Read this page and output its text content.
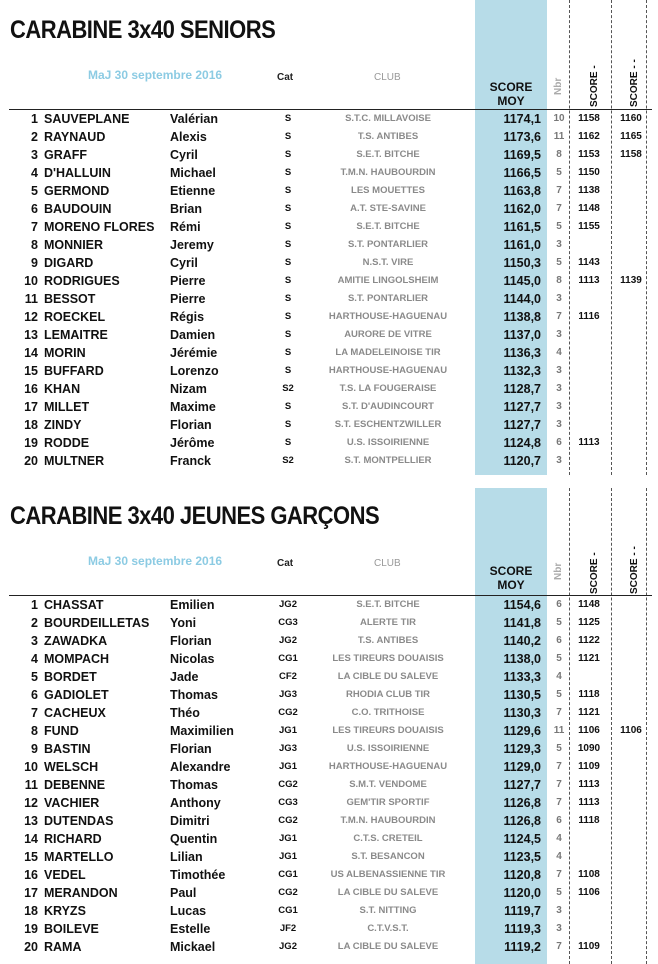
CARABINE 3x40 SENIORS
MaJ 30 septembre 2016	Cat	CLUB
SCORE MOY
Nbr	SCORE -	SCORE - -
1 SAUVEPLANE	Valérian	S	S.T.C. MILLAVOISE	1174,1 10	1158	1160
2 RAYNAUD	Alexis	S	T.S. ANTIBES	1173,6 11	1162	1165
3 GRAFF	Cyril	S	S.E.T. BITCHE	1169,5	8	1153	1158
4 D'HALLUIN	Michael	S	T.M.N. HAUBOURDIN	1166,5	5	1150
5 GERMOND	Etienne	S	LES MOUETTES	1163,8	7	1138
6 BAUDOUIN	Brian	S	A.T. STE-SAVINE	1162,0	7	1148
7 MORENO FLORES Rémi	S	S.E.T. BITCHE	1161,5	5	1155
8 MONNIER	Jeremy	S	S.T. PONTARLIER	1161,0	3
9 DIGARD	Cyril	S	N.S.T. VIRE	1150,3	5	1143
10 RODRIGUES	Pierre	S	AMITIE LINGOLSHEIM	1145,0	8	1113	1139
11 BESSOT	Pierre	S	S.T. PONTARLIER	1144,0	3
12 ROECKEL	Régis	S	HARTHOUSE-HAGUENAU	1138,8	7	1116
13 LEMAITRE	Damien	S	AURORE DE VITRE	1137,0	3
14 MORIN	Jérémie	S	LA MADELEINOISE TIR	1136,3	4
15 BUFFARD	Lorenzo	S	HARTHOUSE-HAGUENAU	1132,3	3
16 KHAN	Nizam	S2	T.S. LA FOUGERAISE	1128,7	3
17 MILLET	Maxime	S	S.T. D'AUDINCOURT	1127,7	3
18 ZINDY	Florian	S	S.T. ESCHENTZWILLER	1127,7	3
19 RODDE	Jérôme	S	U.S. ISSOIRIENNE	1124,8	6	1113
20 MULTNER	Franck	S2	S.T. MONTPELLIER	1120,7	3
CARABINE 3x40 JEUNES GARÇONS
MaJ 30 septembre 2016	Cat	CLUB
SCORE MOY
Nbr	SCORE -	SCORE - -
1 CHASSAT	Emilien	JG2	S.E.T. BITCHE	1154,6	6	1148
2 BOURDEILLETAS Yoni	CG3	ALERTE TIR	1141,8	5	1125
3 ZAWADKA	Florian	JG2	T.S. ANTIBES	1140,2	6	1122
4 MOMPACH	Nicolas	CG1	LES TIREURS DOUAISIS	1138,0	5	1121
5 BORDET	Jade	CF2	LA CIBLE DU SALEVE	1133,3	4
6 GADIOLET	Thomas	JG3	RHODIA CLUB TIR	1130,5	5	1118
7 CACHEUX	Théo	CG2	C.O. TRITHOISE	1130,3	7	1121
8 FUND	Maximilien	JG1	LES TIREURS DOUAISIS	1129,6 11	1106	1106
9 BASTIN	Florian	JG3	U.S. ISSOIRIENNE	1129,3	5	1090
10 WELSCH	Alexandre	JG1	HARTHOUSE-HAGUENAU	1129,0	7	1109
11 DEBENNE	Thomas	CG2	S.M.T. VENDOME	1127,7	7	1113
12 VACHIER	Anthony	CG3	GEM'TIR SPORTIF	1126,8	7	1113
13 DUTENDAS	Dimitri	CG2	T.M.N. HAUBOURDIN	1126,8	6	1118
14 RICHARD	Quentin	JG1	C.T.S. CRETEIL	1124,5	4
15 MARTELLO	Lilian	JG1	S.T. BESANCON	1123,5	4
16 VEDEL	Timothée	CG1	US ALBENASSIENNE TIR	1120,8	7	1108
17 MERANDON	Paul	CG2	LA CIBLE DU SALEVE	1120,0	5	1106
18 KRYZS	Lucas	CG1	S.T. NITTING	1119,7	3
19 BOILEVE	Estelle	JF2	C.T.V.S.T.	1119,3	3
20 RAMA	Mickael	JG2	LA CIBLE DU SALEVE	1119,2	7	1109
